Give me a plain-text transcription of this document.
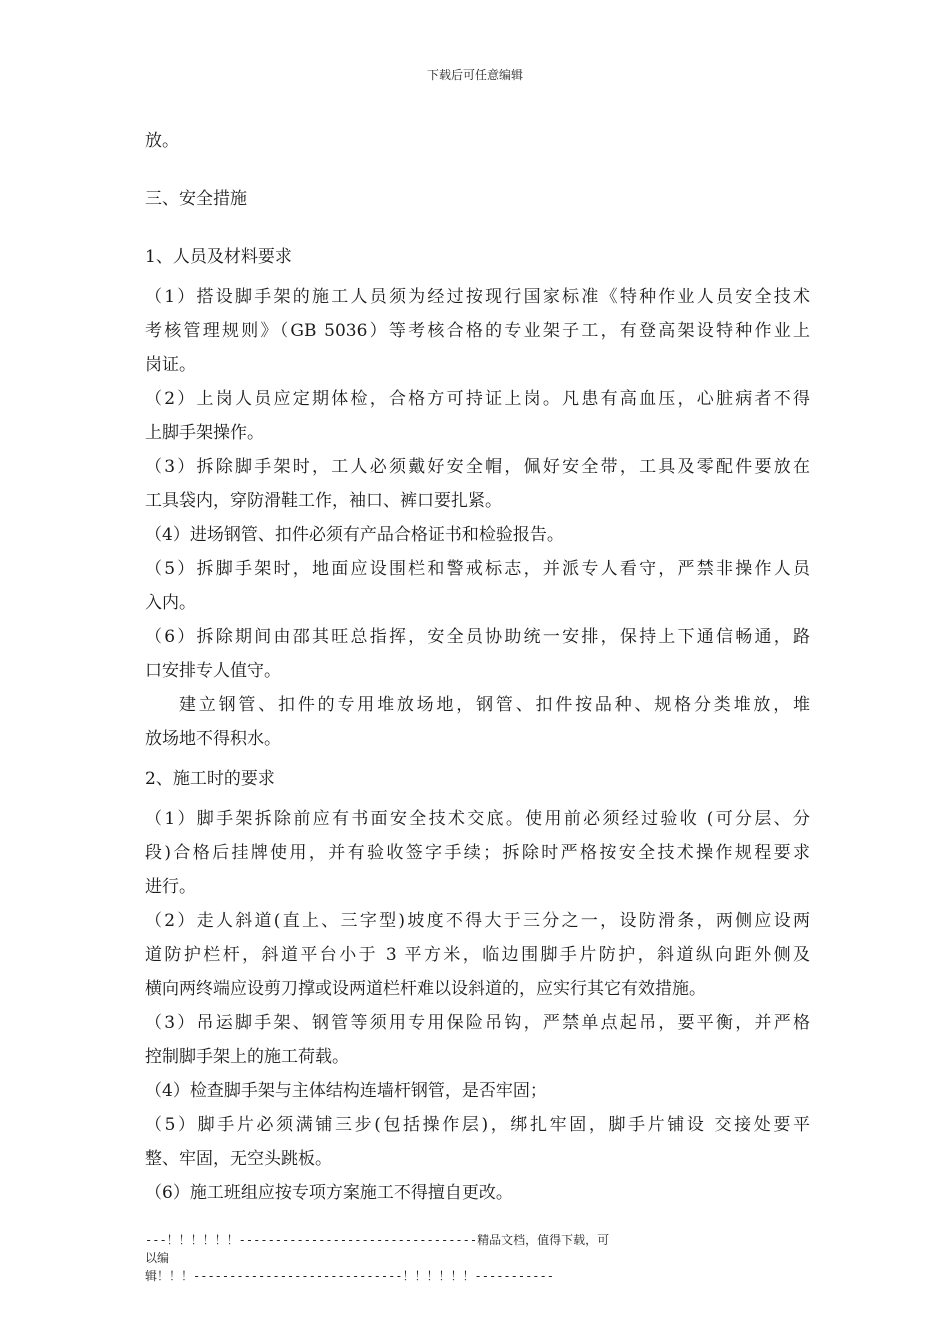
下载后可任意编辑
放。
三、安全措施
1、人员及材料要求
（1）搭设脚手架的施工人员须为经过按现行国家标准《特种作业人员安全技术
考核管理规则》（GB 5036）等考核合格的专业架子工，有登高架设特种作业上
岗证。
（2）上岗人员应定期体检，合格方可持证上岗。凡患有高血压，心脏病者不得
上脚手架操作。
（3）拆除脚手架时，工人必须戴好安全帽，佩好安全带，工具及零配件要放在
工具袋内，穿防滑鞋工作，袖口、裤口要扎紧。
（4）进场钢管、扣件必须有产品合格证书和检验报告。
（5）拆脚手架时，地面应设围栏和警戒标志，并派专人看守，严禁非操作人员
入内。
（6）拆除期间由邵其旺总指挥，安全员协助统一安排，保持上下通信畅通，路
口安排专人值守。
建立钢管、扣件的专用堆放场地，钢管、扣件按品种、规格分类堆放，堆
放场地不得积水。
2、施工时的要求
（1）脚手架拆除前应有书面安全技术交底。使用前必须经过验收 (可分层、分
段)合格后挂牌使用，并有验收签字手续；拆除时严格按安全技术操作规程要求
进行。
（2）走人斜道(直上、三字型)坡度不得大于三分之一，设防滑条，两侧应设两
道防护栏杆，斜道平台小于 3 平方米，临边围脚手片防护，斜道纵向距外侧及
横向两终端应设剪刀撑或设两道栏杆难以设斜道的，应实行其它有效措施。
（3）吊运脚手架、钢管等须用专用保险吊钩，严禁单点起吊，要平衡，并严格
控制脚手架上的施工荷载。
（4）检查脚手架与主体结构连墙杆钢管，是否牢固；
（5）脚手片必须满铺三步(包括操作层)，绑扎牢固，脚手片铺设 交接处要平
整、牢固，无空头跳板。
（6）施工班组应按专项方案施工不得擅自更改。
---！！！！！！---------------------------------精品文档，值得下载，可以编
辑！！！-----------------------------！！！！！！-----------
